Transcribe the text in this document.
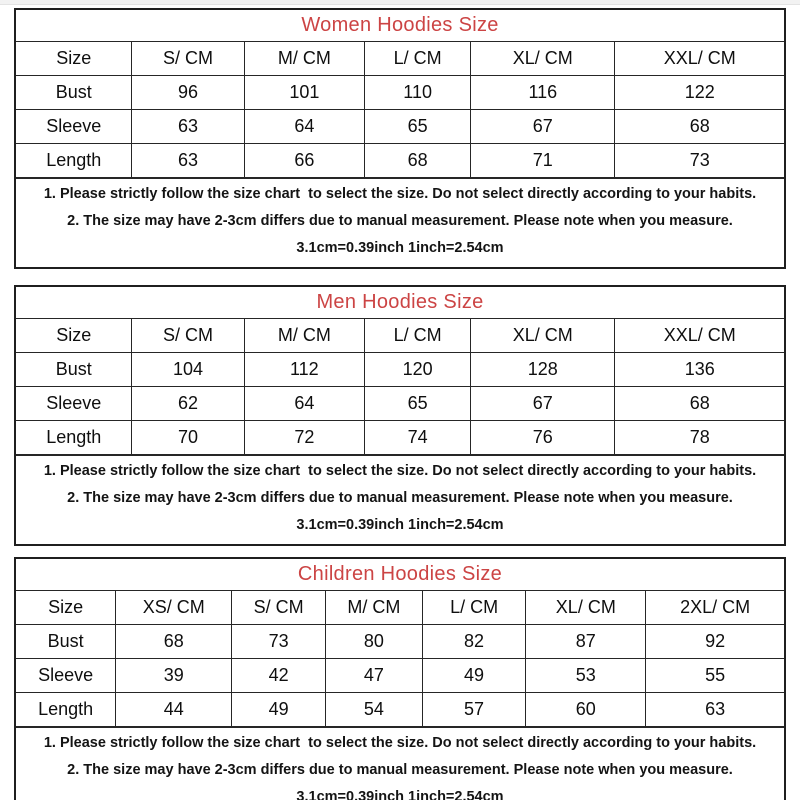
Women Hoodies Size
Size	S/ CM	M/ CM	L/ CM	XL/ CM	XXL/ CM
Bust	96	101	110	116	122
Sleeve	63	64	65	67	68
Length	63	66	68	71	73
1. Please strictly follow the size chart  to select the size. Do not select directly according to your habits.
2. The size may have 2-3cm differs due to manual measurement. Please note when you measure.
3.1cm=0.39inch 1inch=2.54cm
Men Hoodies Size
Size	S/ CM	M/ CM	L/ CM	XL/ CM	XXL/ CM
Bust	104	112	120	128	136
Sleeve	62	64	65	67	68
Length	70	72	74	76	78
1. Please strictly follow the size chart  to select the size. Do not select directly according to your habits.
2. The size may have 2-3cm differs due to manual measurement. Please note when you measure.
3.1cm=0.39inch 1inch=2.54cm
Children Hoodies Size
Size	XS/ CM	S/ CM	M/ CM	L/ CM	XL/ CM	2XL/ CM
Bust	68	73	80	82	87	92
Sleeve	39	42	47	49	53	55
Length	44	49	54	57	60	63
1. Please strictly follow the size chart  to select the size. Do not select directly according to your habits.
2. The size may have 2-3cm differs due to manual measurement. Please note when you measure.
3.1cm=0.39inch 1inch=2.54cm
